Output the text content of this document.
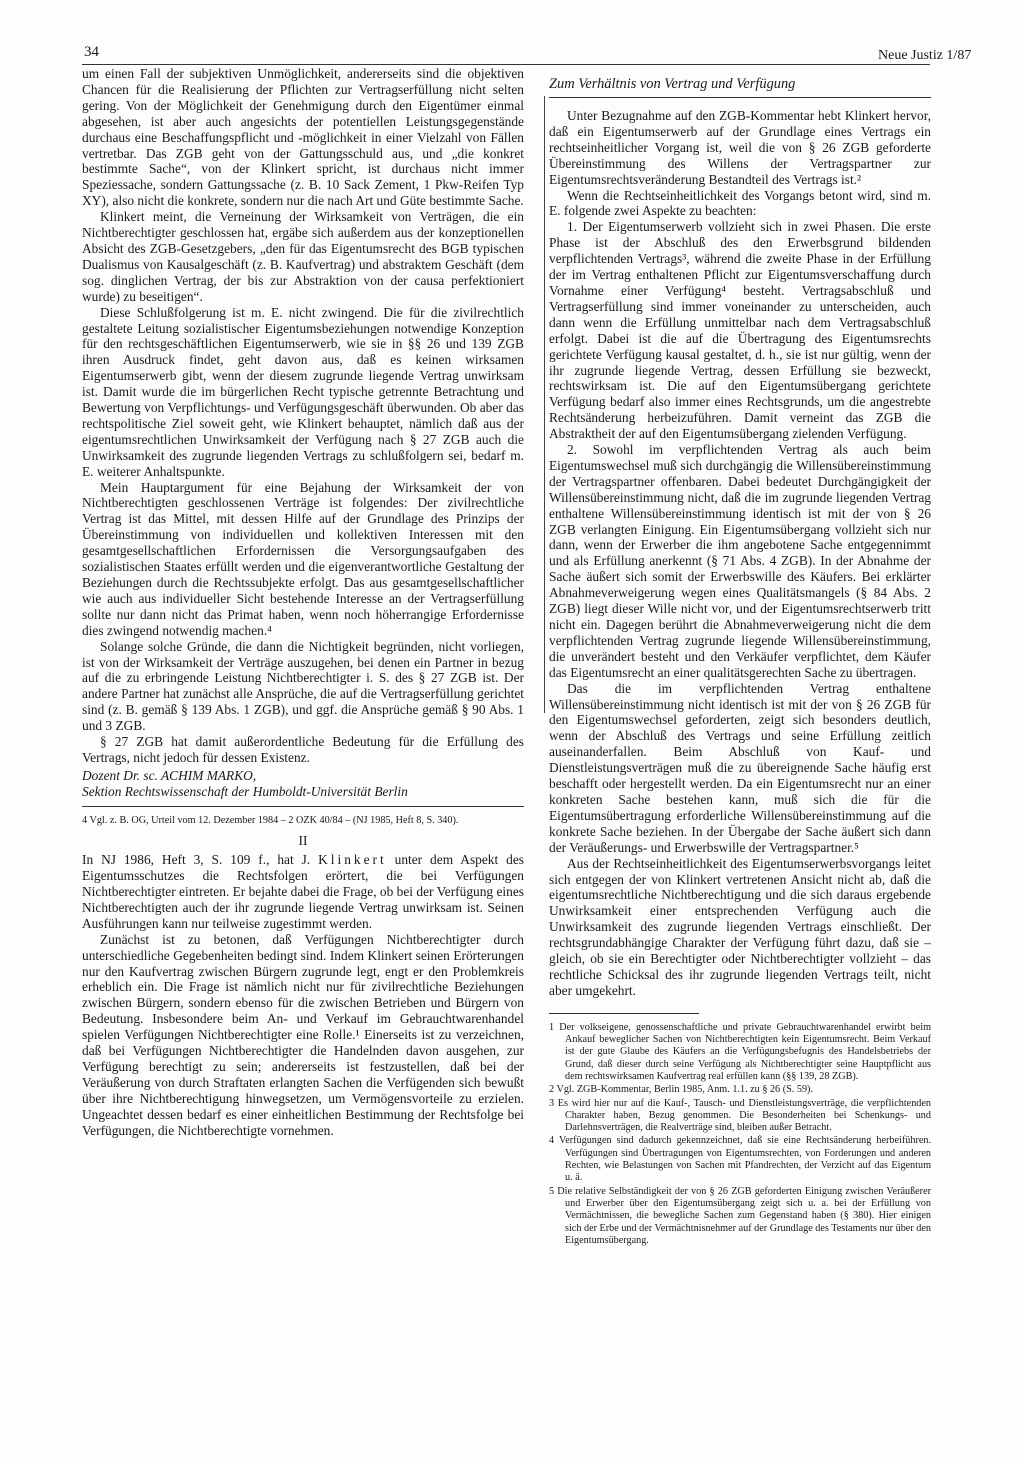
34	Neue Justiz 1/87

um einen Fall der subjektiven Unmöglichkeit, andererseits sind die objektiven Chancen für die Realisierung der Pflichten zur Vertragserfüllung nicht selten gering. Von der Möglichkeit der Genehmigung durch den Eigentümer einmal abgesehen, ist aber auch angesichts der potentiellen Leistungsgegenstände durchaus eine Beschaffungspflicht und -möglichkeit in einer Vielzahl von Fällen vertretbar. Das ZGB geht von der Gattungsschuld aus, und „die konkret bestimmte Sache“, von der Klinkert spricht, ist durchaus nicht immer Speziessache, sondern Gattungssache (z. B. 10 Sack Zement, 1 Pkw-Reifen Typ XY), also nicht die konkrete, sondern nur die nach Art und Güte bestimmte Sache.

Klinkert meint, die Verneinung der Wirksamkeit von Verträgen, die ein Nichtberechtigter geschlossen hat, ergäbe sich außerdem aus der konzeptionellen Absicht des ZGB-Gesetzgebers, „den für das Eigentumsrecht des BGB typischen Dualismus von Kausalgeschäft (z. B. Kaufvertrag) und abstraktem Geschäft (dem sog. dinglichen Vertrag, der bis zur Abstraktion von der causa perfektioniert wurde) zu beseitigen“.

Diese Schlußfolgerung ist m. E. nicht zwingend. Die für die zivilrechtlich gestaltete Leitung sozialistischer Eigentumsbeziehungen notwendige Konzeption für den rechtsgeschäftlichen Eigentumserwerb, wie sie in §§ 26 und 139 ZGB ihren Ausdruck findet, geht davon aus, daß es keinen wirksamen Eigentumserwerb gibt, wenn der diesem zugrunde liegende Vertrag unwirksam ist. Damit wurde die im bürgerlichen Recht typische getrennte Betrachtung und Bewertung von Verpflichtungs- und Verfügungsgeschäft überwunden. Ob aber das rechtspolitische Ziel soweit geht, wie Klinkert behauptet, nämlich daß aus der eigentumsrechtlichen Unwirksamkeit der Verfügung nach § 27 ZGB auch die Unwirksamkeit des zugrunde liegenden Vertrags zu schlußfolgern sei, bedarf m. E. weiterer Anhaltspunkte.

Mein Hauptargument für eine Bejahung der Wirksamkeit der von Nichtberechtigten geschlossenen Verträge ist folgendes: Der zivilrechtliche Vertrag ist das Mittel, mit dessen Hilfe auf der Grundlage des Prinzips der Übereinstimmung von individuellen und kollektiven Interessen mit den gesamtgesellschaftlichen Erfordernissen die Versorgungsaufgaben des sozialistischen Staates erfüllt werden und die eigenverantwortliche Gestaltung der Beziehungen durch die Rechtssubjekte erfolgt. Das aus gesamtgesellschaftlicher wie auch aus individueller Sicht bestehende Interesse an der Vertragserfüllung sollte nur dann nicht das Primat haben, wenn noch höherrangige Erfordernisse dies zwingend notwendig machen.⁴

Solange solche Gründe, die dann die Nichtigkeit begründen, nicht vorliegen, ist von der Wirksamkeit der Verträge auszugehen, bei denen ein Partner in bezug auf die zu erbringende Leistung Nichtberechtigter i. S. des § 27 ZGB ist. Der andere Partner hat zunächst alle Ansprüche, die auf die Vertragserfüllung gerichtet sind (z. B. gemäß § 139 Abs. 1 ZGB), und ggf. die Ansprüche gemäß § 90 Abs. 1 und 3 ZGB.

§ 27 ZGB hat damit außerordentliche Bedeutung für die Erfüllung des Vertrags, nicht jedoch für dessen Existenz.

Dozent Dr. sc. ACHIM MARKO,

Sektion Rechtswissenschaft der Humboldt-Universität Berlin

4 Vgl. z. B. OG, Urteil vom 12. Dezember 1984 – 2 OZK 40/84 – (NJ 1985, Heft 8, S. 340).

II

In NJ 1986, Heft 3, S. 109 f., hat J. Klinkert unter dem Aspekt des Eigentumsschutzes die Rechtsfolgen erörtert, die bei Verfügungen Nichtberechtigter eintreten. Er bejahte dabei die Frage, ob bei der Verfügung eines Nichtberechtigten auch der ihr zugrunde liegende Vertrag unwirksam ist. Seinen Ausführungen kann nur teilweise zugestimmt werden.

Zunächst ist zu betonen, daß Verfügungen Nichtberechtigter durch unterschiedliche Gegebenheiten bedingt sind. Indem Klinkert seinen Erörterungen nur den Kaufvertrag zwischen Bürgern zugrunde legt, engt er den Problemkreis erheblich ein. Die Frage ist nämlich nicht nur für zivilrechtliche Beziehungen zwischen Bürgern, sondern ebenso für die zwischen Betrieben und Bürgern von Bedeutung. Insbesondere beim An- und Verkauf im Gebrauchtwarenhandel spielen Verfügungen Nichtberechtigter eine Rolle.¹ Einerseits ist zu verzeichnen, daß bei Verfügungen Nichtberechtigter die Handelnden davon ausgehen, zur Verfügung berechtigt zu sein; andererseits ist festzustellen, daß bei der Veräußerung von durch Straftaten erlangten Sachen die Verfügenden sich bewußt über ihre Nichtberechtigung hinwegsetzen, um Vermögensvorteile zu erzielen. Ungeachtet dessen bedarf es einer einheitlichen Bestimmung der Rechtsfolge bei Verfügungen, die Nichtberechtigte vornehmen.

Zum Verhältnis von Vertrag und Verfügung

Unter Bezugnahme auf den ZGB-Kommentar hebt Klinkert hervor, daß ein Eigentumserwerb auf der Grundlage eines Vertrags ein rechtseinheitlicher Vorgang ist, weil die von § 26 ZGB geforderte Übereinstimmung des Willens der Vertragspartner zur Eigentumsrechtsveränderung Bestandteil des Vertrags ist.²

Wenn die Rechtseinheitlichkeit des Vorgangs betont wird, sind m. E. folgende zwei Aspekte zu beachten:

1. Der Eigentumserwerb vollzieht sich in zwei Phasen. Die erste Phase ist der Abschluß des den Erwerbsgrund bildenden verpflichtenden Vertrags³, während die zweite Phase in der Erfüllung der im Vertrag enthaltenen Pflicht zur Eigentumsverschaffung durch Vornahme einer Verfügung⁴ besteht. Vertragsabschluß und Vertragserfüllung sind immer voneinander zu unterscheiden, auch dann wenn die Erfüllung unmittelbar nach dem Vertragsabschluß erfolgt. Dabei ist die auf die Übertragung des Eigentumsrechts gerichtete Verfügung kausal gestaltet, d. h., sie ist nur gültig, wenn der ihr zugrunde liegende Vertrag, dessen Erfüllung sie bezweckt, rechtswirksam ist. Die auf den Eigentumsübergang gerichtete Verfügung bedarf also immer eines Rechtsgrunds, um die angestrebte Rechtsänderung herbeizuführen. Damit verneint das ZGB die Abstraktheit der auf den Eigentumsübergang zielenden Verfügung.

2. Sowohl im verpflichtenden Vertrag als auch beim Eigentumswechsel muß sich durchgängig die Willensübereinstimmung der Vertragspartner offenbaren. Dabei bedeutet Durchgängigkeit der Willensübereinstimmung nicht, daß die im zugrunde liegenden Vertrag enthaltene Willensübereinstimmung identisch ist mit der von § 26 ZGB verlangten Einigung. Ein Eigentumsübergang vollzieht sich nur dann, wenn der Erwerber die ihm angebotene Sache entgegennimmt und als Erfüllung anerkennt (§ 71 Abs. 4 ZGB). In der Abnahme der Sache äußert sich somit der Erwerbswille des Käufers. Bei erklärter Abnahmeverweigerung wegen eines Qualitätsmangels (§ 84 Abs. 2 ZGB) liegt dieser Wille nicht vor, und der Eigentumsrechtserwerb tritt nicht ein. Dagegen berührt die Abnahmeverweigerung nicht die dem verpflichtenden Vertrag zugrunde liegende Willensübereinstimmung, die unverändert besteht und den Verkäufer verpflichtet, dem Käufer das Eigentumsrecht an einer qualitätsgerechten Sache zu übertragen.

Das die im verpflichtenden Vertrag enthaltene Willensübereinstimmung nicht identisch ist mit der von § 26 ZGB für den Eigentumswechsel geforderten, zeigt sich besonders deutlich, wenn der Abschluß des Vertrags und seine Erfüllung zeitlich auseinanderfallen. Beim Abschluß von Kauf- und Dienstleistungsverträgen muß die zu übereignende Sache häufig erst beschafft oder hergestellt werden. Da ein Eigentumsrecht nur an einer konkreten Sache bestehen kann, muß sich die für die Eigentumsübertragung erforderliche Willensübereinstimmung auf die konkrete Sache beziehen. In der Übergabe der Sache äußert sich dann der Veräußerungs- und Erwerbswille der Vertragspartner.⁵

Aus der Rechtseinheitlichkeit des Eigentumserwerbsvorgangs leitet sich entgegen der von Klinkert vertretenen Ansicht nicht ab, daß die eigentumsrechtliche Nichtberechtigung und die sich daraus ergebende Unwirksamkeit einer entsprechenden Verfügung auch die Unwirksamkeit des zugrunde liegenden Vertrags einschließt. Der rechtsgrundabhängige Charakter der Verfügung führt dazu, daß sie – gleich, ob sie ein Berechtigter oder Nichtberechtigter vollzieht – das rechtliche Schicksal des ihr zugrunde liegenden Vertrags teilt, nicht aber umgekehrt.

1 Der volkseigene, genossenschaftliche und private Gebrauchtwarenhandel erwirbt beim Ankauf beweglicher Sachen von Nichtberechtigten kein Eigentumsrecht. Beim Verkauf ist der gute Glaube des Käufers an die Verfügungsbefugnis des Handelsbetriebs der Grund, daß dieser durch seine Verfügung als Nichtberechtigter seine Hauptpflicht aus dem rechtswirksamen Kaufvertrag real erfüllen kann (§§ 139, 28 ZGB).

2 Vgl. ZGB-Kommentar, Berlin 1985, Anm. 1.1. zu § 26 (S. 59).

3 Es wird hier nur auf die Kauf-, Tausch- und Dienstleistungsverträge, die verpflichtenden Charakter haben, Bezug genommen. Die Besonderheiten bei Schenkungs- und Darlehnsverträgen, die Realverträge sind, bleiben außer Betracht.

4 Verfügungen sind dadurch gekennzeichnet, daß sie eine Rechtsänderung herbeiführen. Verfügungen sind Übertragungen von Eigentumsrechten, von Forderungen und anderen Rechten, wie Belastungen von Sachen mit Pfandrechten, der Verzicht auf das Eigentum u. ä.

5 Die relative Selbständigkeit der von § 26 ZGB geforderten Einigung zwischen Veräußerer und Erwerber über den Eigentumsübergang zeigt sich u. a. bei der Erfüllung von Vermächtnissen, die bewegliche Sachen zum Gegenstand haben (§ 380). Hier einigen sich der Erbe und der Vermächtnisnehmer auf der Grundlage des Testaments nur über den Eigentumsübergang.
